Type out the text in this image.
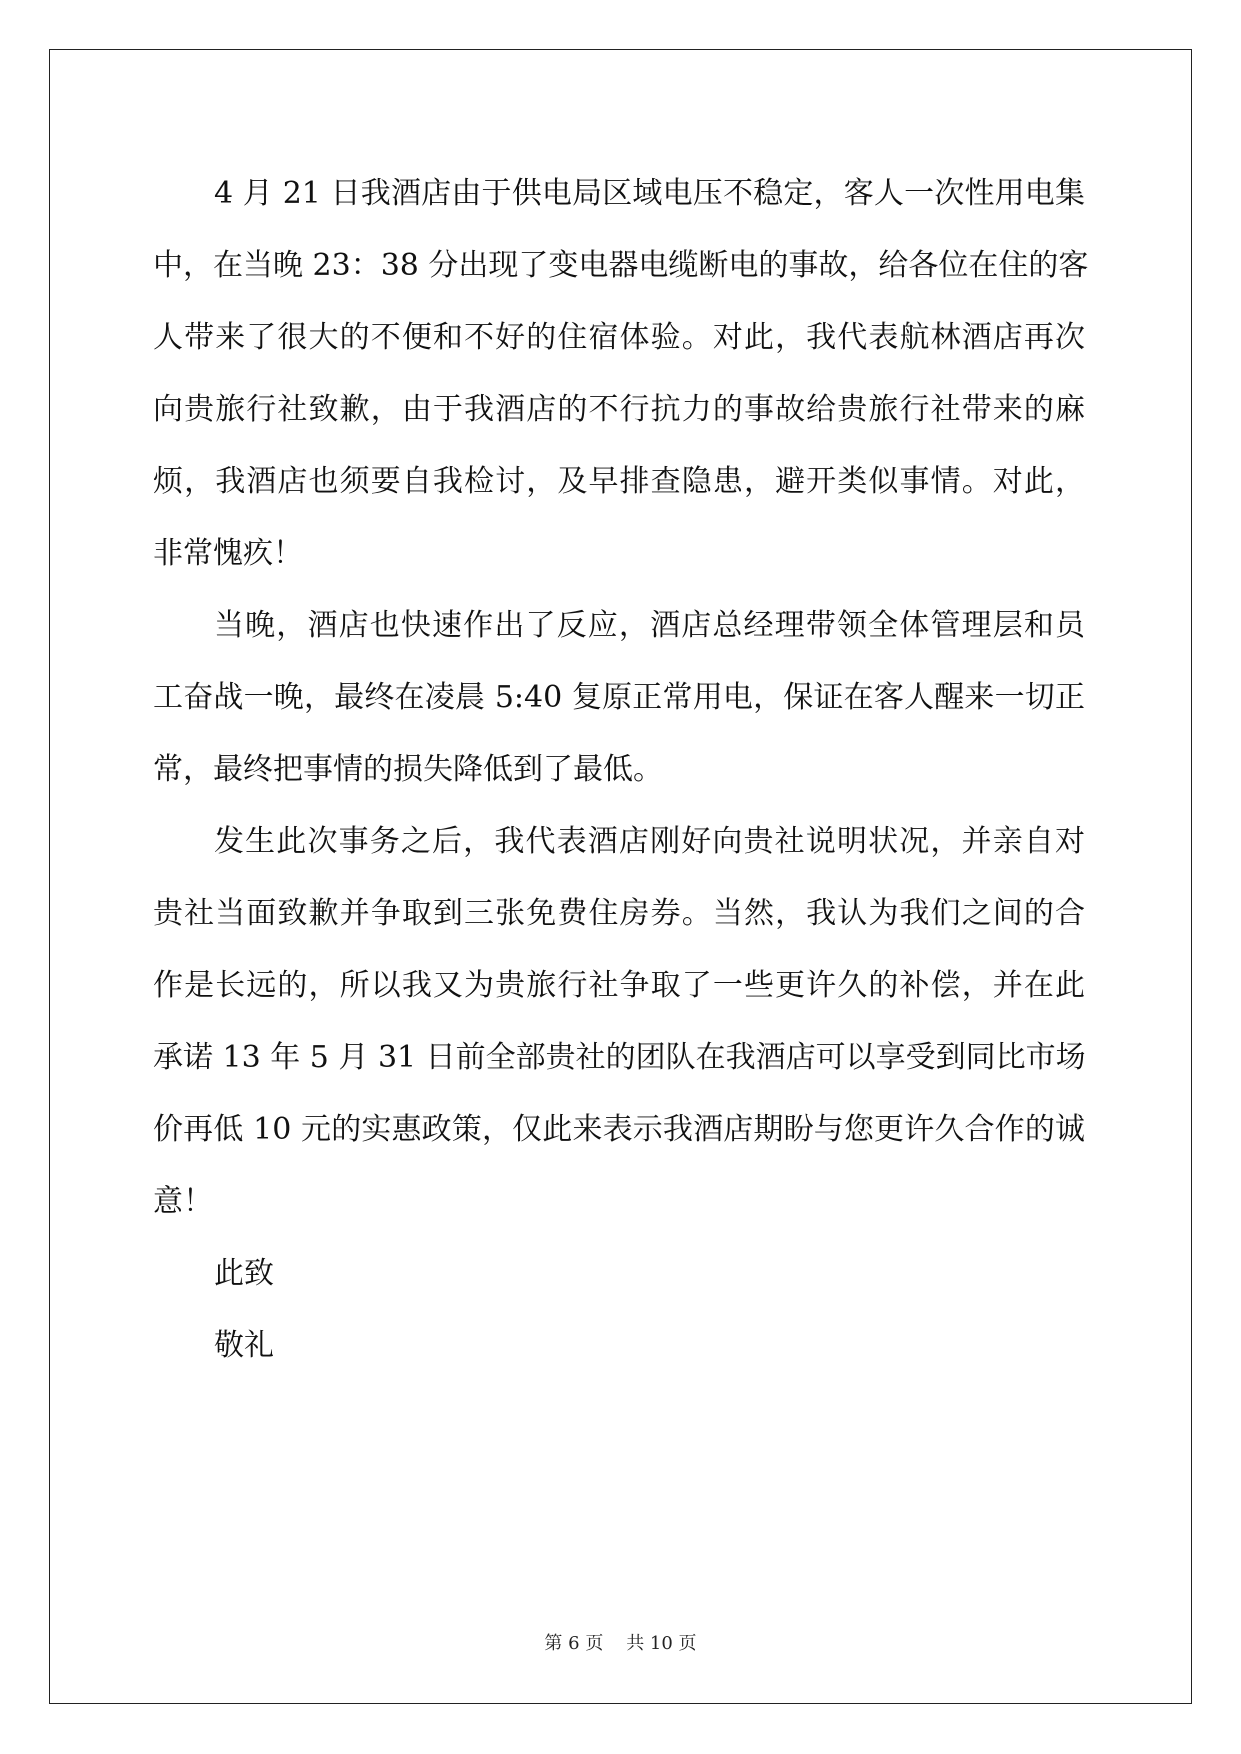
4 月 21 日我酒店由于供电局区域电压不稳定，客人一次性用电集
中，在当晚 23：38 分出现了变电器电缆断电的事故，给各位在住的客
人带来了很大的不便和不好的住宿体验。对此，我代表航林酒店再次
向贵旅行社致歉，由于我酒店的不行抗力的事故给贵旅行社带来的麻
烦，我酒店也须要自我检讨，及早排查隐患，避开类似事情。对此，
非常愧疚！
当晚，酒店也快速作出了反应，酒店总经理带领全体管理层和员
工奋战一晚，最终在凌晨 5:40 复原正常用电，保证在客人醒来一切正
常，最终把事情的损失降低到了最低。
发生此次事务之后，我代表酒店刚好向贵社说明状况，并亲自对
贵社当面致歉并争取到三张免费住房券。当然，我认为我们之间的合
作是长远的，所以我又为贵旅行社争取了一些更许久的补偿，并在此
承诺 13 年 5 月 31 日前全部贵社的团队在我酒店可以享受到同比市场
价再低 10 元的实惠政策，仅此来表示我酒店期盼与您更许久合作的诚
意！
此致
敬礼
第 6 页    共 10 页
